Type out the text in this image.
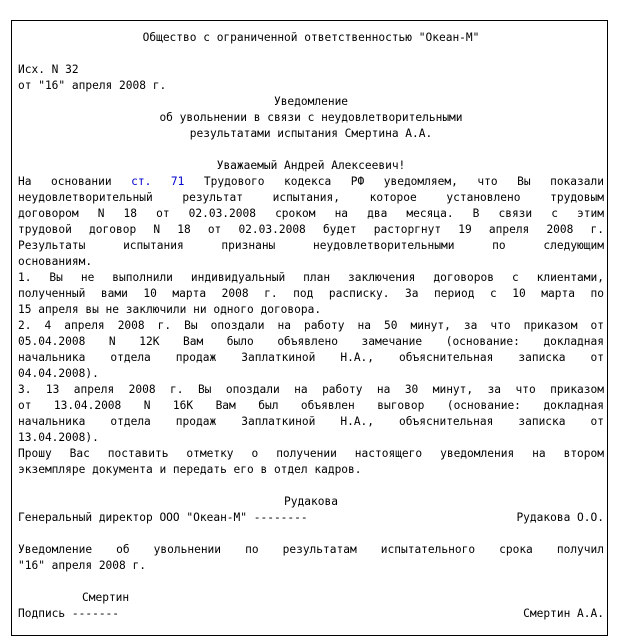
Общество с ограниченной ответственностью "Океан-М"
Исх. N 32
от "16" апреля 2008 г.
Уведомление
об увольнении в связи с неудовлетворительными
результатами испытания Смертина А.А.
Уважаемый Андрей Алексеевич!
На основании ст. 71 Трудового кодекса РФ уведомляем, что Вы показали
неудовлетворительный результат испытания, которое установлено трудовым
договором N 18 от 02.03.2008 сроком на два месяца. В связи с этим
трудовой договор N 18 от 02.03.2008 будет расторгнут 19 апреля 2008 г.
Результаты испытания признаны неудовлетворительными по следующим
основаниям.
1. Вы не выполнили индивидуальный план заключения договоров с клиентами,
полученный вами 10 марта 2008 г. под расписку. За период с 10 марта по
15 апреля вы не заключили ни одного договора.
2. 4 апреля 2008 г. Вы опоздали на работу на 50 минут, за что приказом от
05.04.2008 N 12К Вам было объявлено замечание (основание: докладная
начальника отдела продаж Заплаткиной Н.А., объяснительная записка от
04.04.2008).
3. 13 апреля 2008 г. Вы опоздали на работу на 30 минут, за что приказом
от 13.04.2008 N 16К Вам был объявлен выговор (основание: докладная
начальника отдела продаж Заплаткиной Н.А., объяснительная записка от
13.04.2008).
Прошу Вас поставить отметку о получении настоящего уведомления на втором
экземпляре документа и передать его в отдел кадров.
Рудакова
Генеральный директор ООО "Океан-М" --------	Рудакова О.О.
Уведомление об увольнении по результатам испытательного срока получил
"16" апреля 2008 г.
Смертин
Подпись -------	Смертин А.А.
